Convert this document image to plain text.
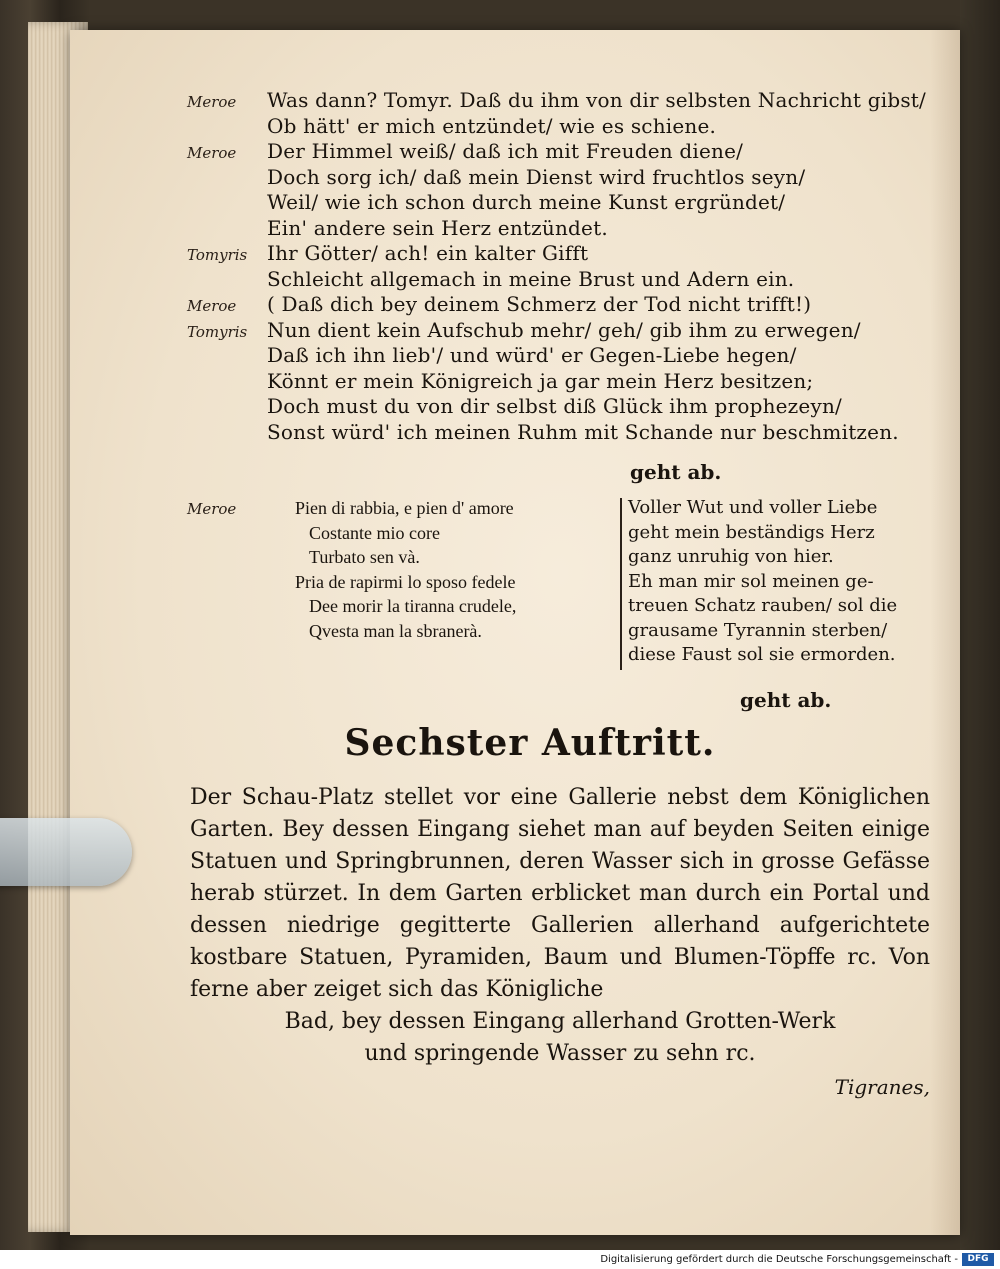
Meroe	Was dann? Tomyr. Daß du ihm von dir selbsten Nachricht gibst/
Ob hätt' er mich entzündet/ wie es schiene.
Meroe	Der Himmel weiß/ daß ich mit Freuden diene/
Doch sorg ich/ daß mein Dienst wird fruchtlos seyn/
Weil/ wie ich schon durch meine Kunst ergründet/
Ein' andere sein Herz entzündet.
Tomyris Ihr Götter/ ach! ein kalter Gifft
Schleicht allgemach in meine Brust und Adern ein.
Meroe	( Daß dich bey deinem Schmerz der Tod nicht trifft!)
Tomyris Nun dient kein Aufschub mehr/ geh/ gib ihm zu erwegen/
Daß ich ihn lieb'/ und würd' er Gegen-Liebe hegen/
Könnt er mein Königreich ja gar mein Herz besitzen;
Doch must du von dir selbst diß Glück ihm prophezeyn/
Sonst würd' ich meinen Ruhm mit Schande nur beschmitzen.
geht ab.
Meroe	Pien di rabbia, e pien d' amore
Costante mio core
Turbato sen và.
Pria de rapirmi lo sposo fedele
Dee morir la tiranna crudele,
Qvesta man la sbranerà.
Voller Wut und voller Liebe
geht mein beständigs Herz
ganz unruhig von hier.
Eh man mir sol meinen ge-
treuen Schatz rauben/ sol die
grausame Tyrannin sterben/
diese Faust sol sie ermorden.
geht ab.
Sechster Auftritt.
Der Schau-Platz stellet vor eine Gallerie nebst dem Königlichen Garten. Bey dessen Eingang siehet man auf beyden Seiten einige Statuen und Springbrunnen, deren Wasser sich in grosse Gefässe herab stürzet. In dem Garten erblicket man durch ein Portal und dessen niedrige gegitterte Gallerien allerhand aufgerichtete kostbare Statuen, Pyramiden, Baum und Blumen-Töpffe rc. Von ferne aber zeiget sich das Königliche
Bad, bey dessen Eingang allerhand Grotten-Werk
und springende Wasser zu sehn rc.
Tigranes,
Digitalisierung gefördert durch die Deutsche Forschungsgemeinschaft -	DFG
